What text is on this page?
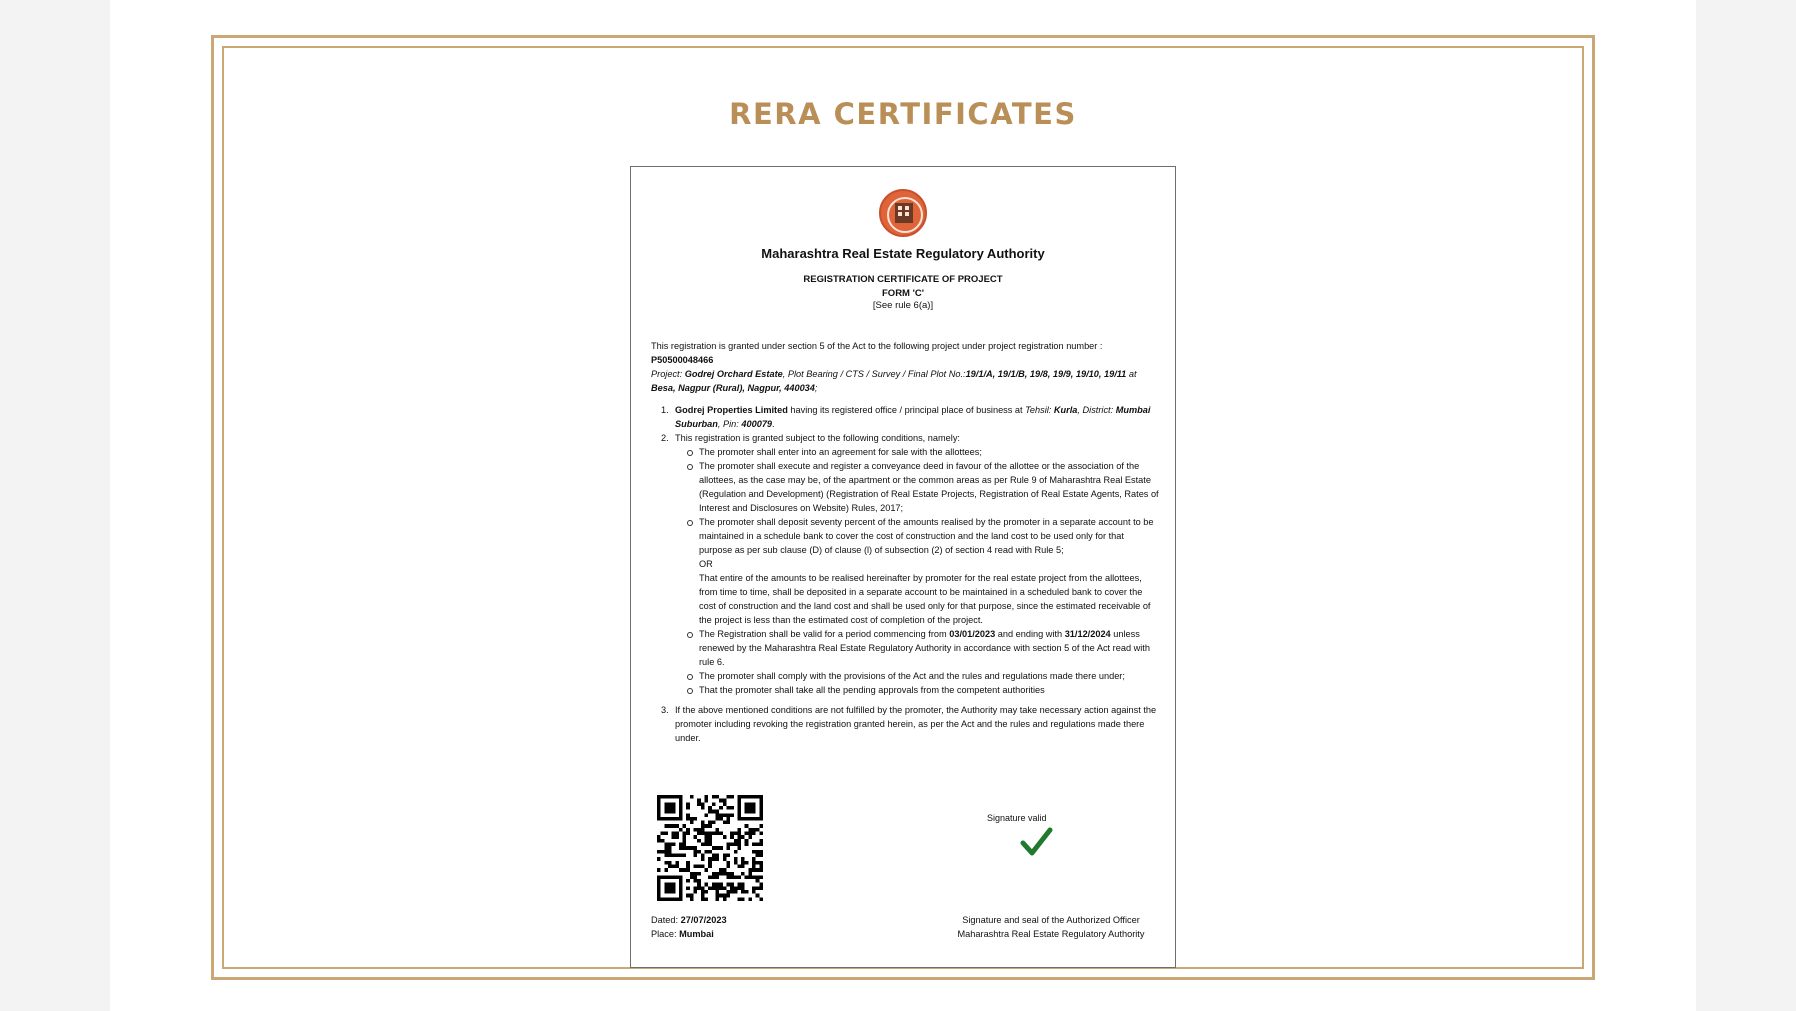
RERA CERTIFICATES
Maharashtra Real Estate Regulatory Authority
REGISTRATION CERTIFICATE OF PROJECT
FORM 'C'
[See rule 6(a)]

This registration is granted under section 5 of the Act to the following project under project registration number :
P50500048466

Project: Godrej Orchard Estate, Plot Bearing / CTS / Survey / Final Plot No.:19/1/A, 19/1/B, 19/8, 19/9, 19/10, 19/11 at Besa, Nagpur (Rural), Nagpur, 440034;

1. Godrej Properties Limited having its registered office / principal place of business at Tehsil: Kurla, District: Mumbai Suburban, Pin: 400079.
2. This registration is granted subject to the following conditions, namely:
The promoter shall enter into an agreement for sale with the allottees;
The promoter shall execute and register a conveyance deed in favour of the allottee or the association of the allottees, as the case may be, of the apartment or the common areas as per Rule 9 of Maharashtra Real Estate (Regulation and Development) (Registration of Real Estate Projects, Registration of Real Estate Agents, Rates of Interest and Disclosures on Website) Rules, 2017;
The promoter shall deposit seventy percent of the amounts realised by the promoter in a separate account to be maintained in a schedule bank to cover the cost of construction and the land cost to be used only for that purpose as per sub clause (D) of clause (l) of subsection (2) of section 4 read with Rule 5;
OR
That entire of the amounts to be realised hereinafter by promoter for the real estate project from the allottees, from time to time, shall be deposited in a separate account to be maintained in a scheduled bank to cover the cost of construction and the land cost and shall be used only for that purpose, since the estimated receivable of the project is less than the estimated cost of completion of the project.
The Registration shall be valid for a period commencing from 03/01/2023 and ending with 31/12/2024 unless renewed by the Maharashtra Real Estate Regulatory Authority in accordance with section 5 of the Act read with rule 6.
The promoter shall comply with the provisions of the Act and the rules and regulations made there under;
That the promoter shall take all the pending approvals from the competent authorities
3. If the above mentioned conditions are not fulfilled by the promoter, the Authority may take necessary action against the promoter including revoking the registration granted herein, as per the Act and the rules and regulations made there under.
Signature valid
Dated: 27/07/2023
Place: Mumbai
Signature and seal of the Authorized Officer
Maharashtra Real Estate Regulatory Authority
